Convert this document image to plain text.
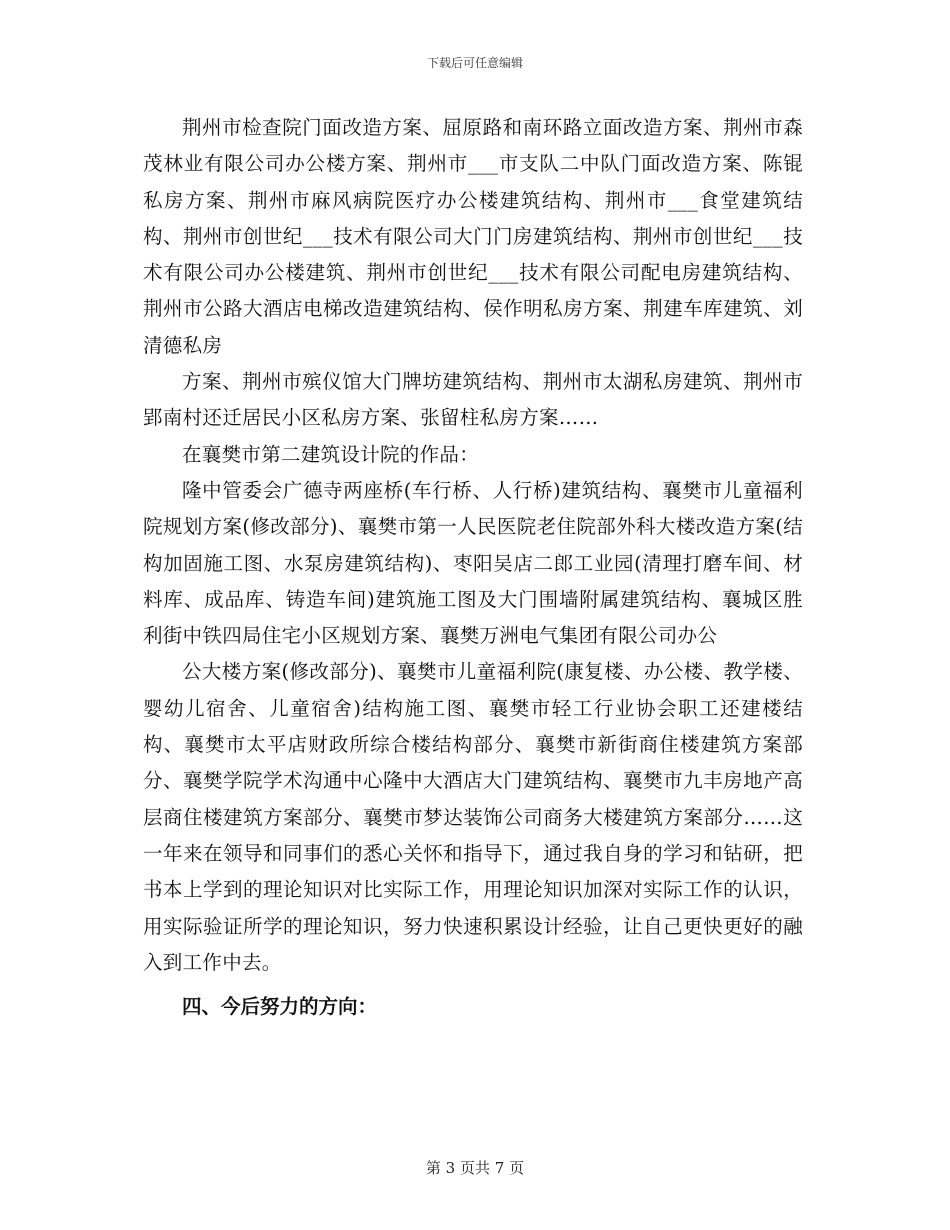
下载后可任意编辑

荆州市检查院门面改造方案、屈原路和南环路立面改造方案、荆州市森茂林业有限公司办公楼方案、荆州市___市支队二中队门面改造方案、陈锟私房方案、荆州市麻风病院医疗办公楼建筑结构、荆州市___食堂建筑结构、荆州市创世纪___技术有限公司大门门房建筑结构、荆州市创世纪___技术有限公司办公楼建筑、荆州市创世纪___技术有限公司配电房建筑结构、荆州市公路大酒店电梯改造建筑结构、侯作明私房方案、荆建车库建筑、刘清德私房

方案、荆州市殡仪馆大门牌坊建筑结构、荆州市太湖私房建筑、荆州市郢南村还迁居民小区私房方案、张留柱私房方案……

在襄樊市第二建筑设计院的作品：

隆中管委会广德寺两座桥(车行桥、人行桥)建筑结构、襄樊市儿童福利院规划方案(修改部分)、襄樊市第一人民医院老住院部外科大楼改造方案(结构加固施工图、水泵房建筑结构)、枣阳吴店二郎工业园(清理打磨车间、材料库、成品库、铸造车间)建筑施工图及大门围墙附属建筑结构、襄城区胜利街中铁四局住宅小区规划方案、襄樊万洲电气集团有限公司办公

公大楼方案(修改部分)、襄樊市儿童福利院(康复楼、办公楼、教学楼、婴幼儿宿舍、儿童宿舍)结构施工图、襄樊市轻工行业协会职工还建楼结构、襄樊市太平店财政所综合楼结构部分、襄樊市新街商住楼建筑方案部分、襄樊学院学术沟通中心隆中大酒店大门建筑结构、襄樊市九丰房地产高层商住楼建筑方案部分、襄樊市梦达装饰公司商务大楼建筑方案部分……这一年来在领导和同事们的悉心关怀和指导下，通过我自身的学习和钻研，把书本上学到的理论知识对比实际工作，用理论知识加深对实际工作的认识，用实际验证所学的理论知识，努力快速积累设计经验，让自己更快更好的融入到工作中去。

四、今后努力的方向：

第 3 页共 7 页
